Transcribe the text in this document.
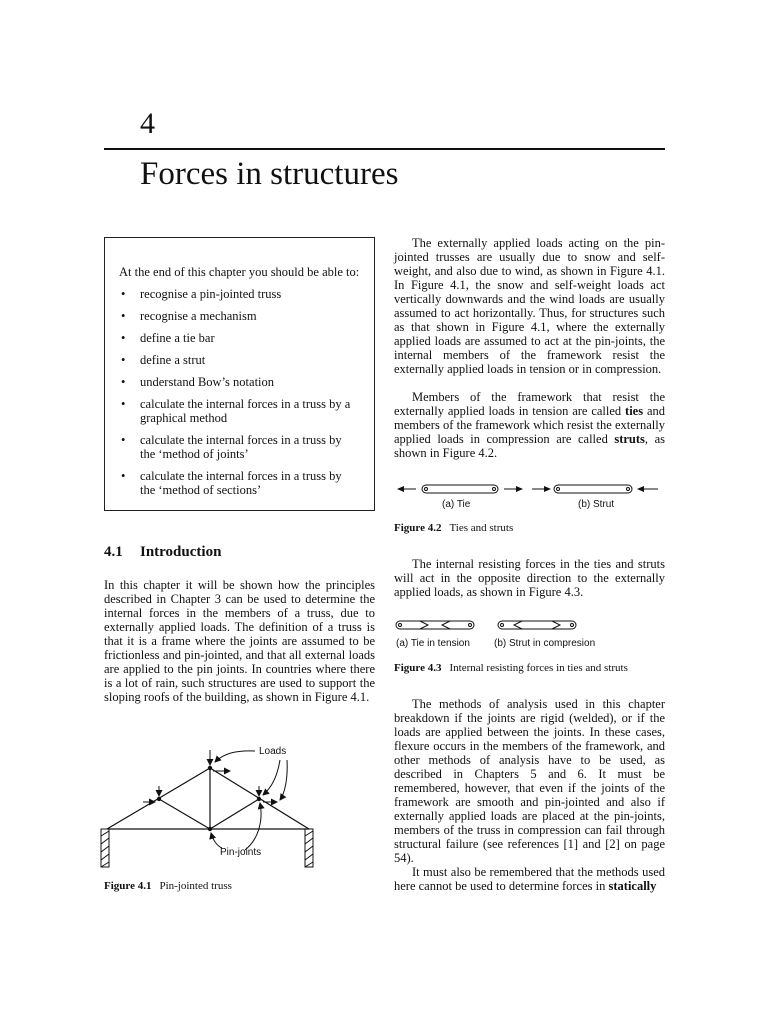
4
Forces in structures

At the end of this chapter you should be able to:

• recognise a pin-jointed truss
• recognise a mechanism
• define a tie bar
• define a strut
• understand Bow’s notation
• calculate the internal forces in a truss by a graphical method
• calculate the internal forces in a truss by the ‘method of joints’
• calculate the internal forces in a truss by the ‘method of sections’
4.1 Introduction

In this chapter it will be shown how the principles described in Chapter 3 can be used to determine the internal forces in the members of a truss, due to externally applied loads. The definition of a truss is that it is a frame where the joints are assumed to be frictionless and pin-jointed, and that all external loads are applied to the pin joints. In countries where there is a lot of rain, such structures are used to support the sloping roofs of the building, as shown in Figure 4.1.

Loads
Pin-joints
Figure 4.1 Pin-jointed truss

The externally applied loads acting on the pin-jointed trusses are usually due to snow and self-weight, and also due to wind, as shown in Figure 4.1. In Figure 4.1, the snow and self-weight loads act vertically downwards and the wind loads are usually assumed to act horizontally. Thus, for structures such as that shown in Figure 4.1, where the externally applied loads are assumed to act at the pin-joints, the internal members of the framework resist the externally applied loads in tension or in compression.

Members of the framework that resist the externally applied loads in tension are called ties and members of the framework which resist the externally applied loads in compression are called struts, as shown in Figure 4.2.

(a) Tie	(b) Strut
Figure 4.2 Ties and struts

The internal resisting forces in the ties and struts will act in the opposite direction to the externally applied loads, as shown in Figure 4.3.

(a) Tie in tension (b) Strut in compresion
Figure 4.3 Internal resisting forces in ties and struts

The methods of analysis used in this chapter breakdown if the joints are rigid (welded), or if the loads are applied between the joints. In these cases, flexure occurs in the members of the framework, and other methods of analysis have to be used, as described in Chapters 5 and 6. It must be remembered, however, that even if the joints of the framework are smooth and pin-jointed and also if externally applied loads are placed at the pin-joints, members of the truss in compression can fail through structural failure (see references [1] and [2] on page 54).

It must also be remembered that the methods used here cannot be used to determine forces in statically
